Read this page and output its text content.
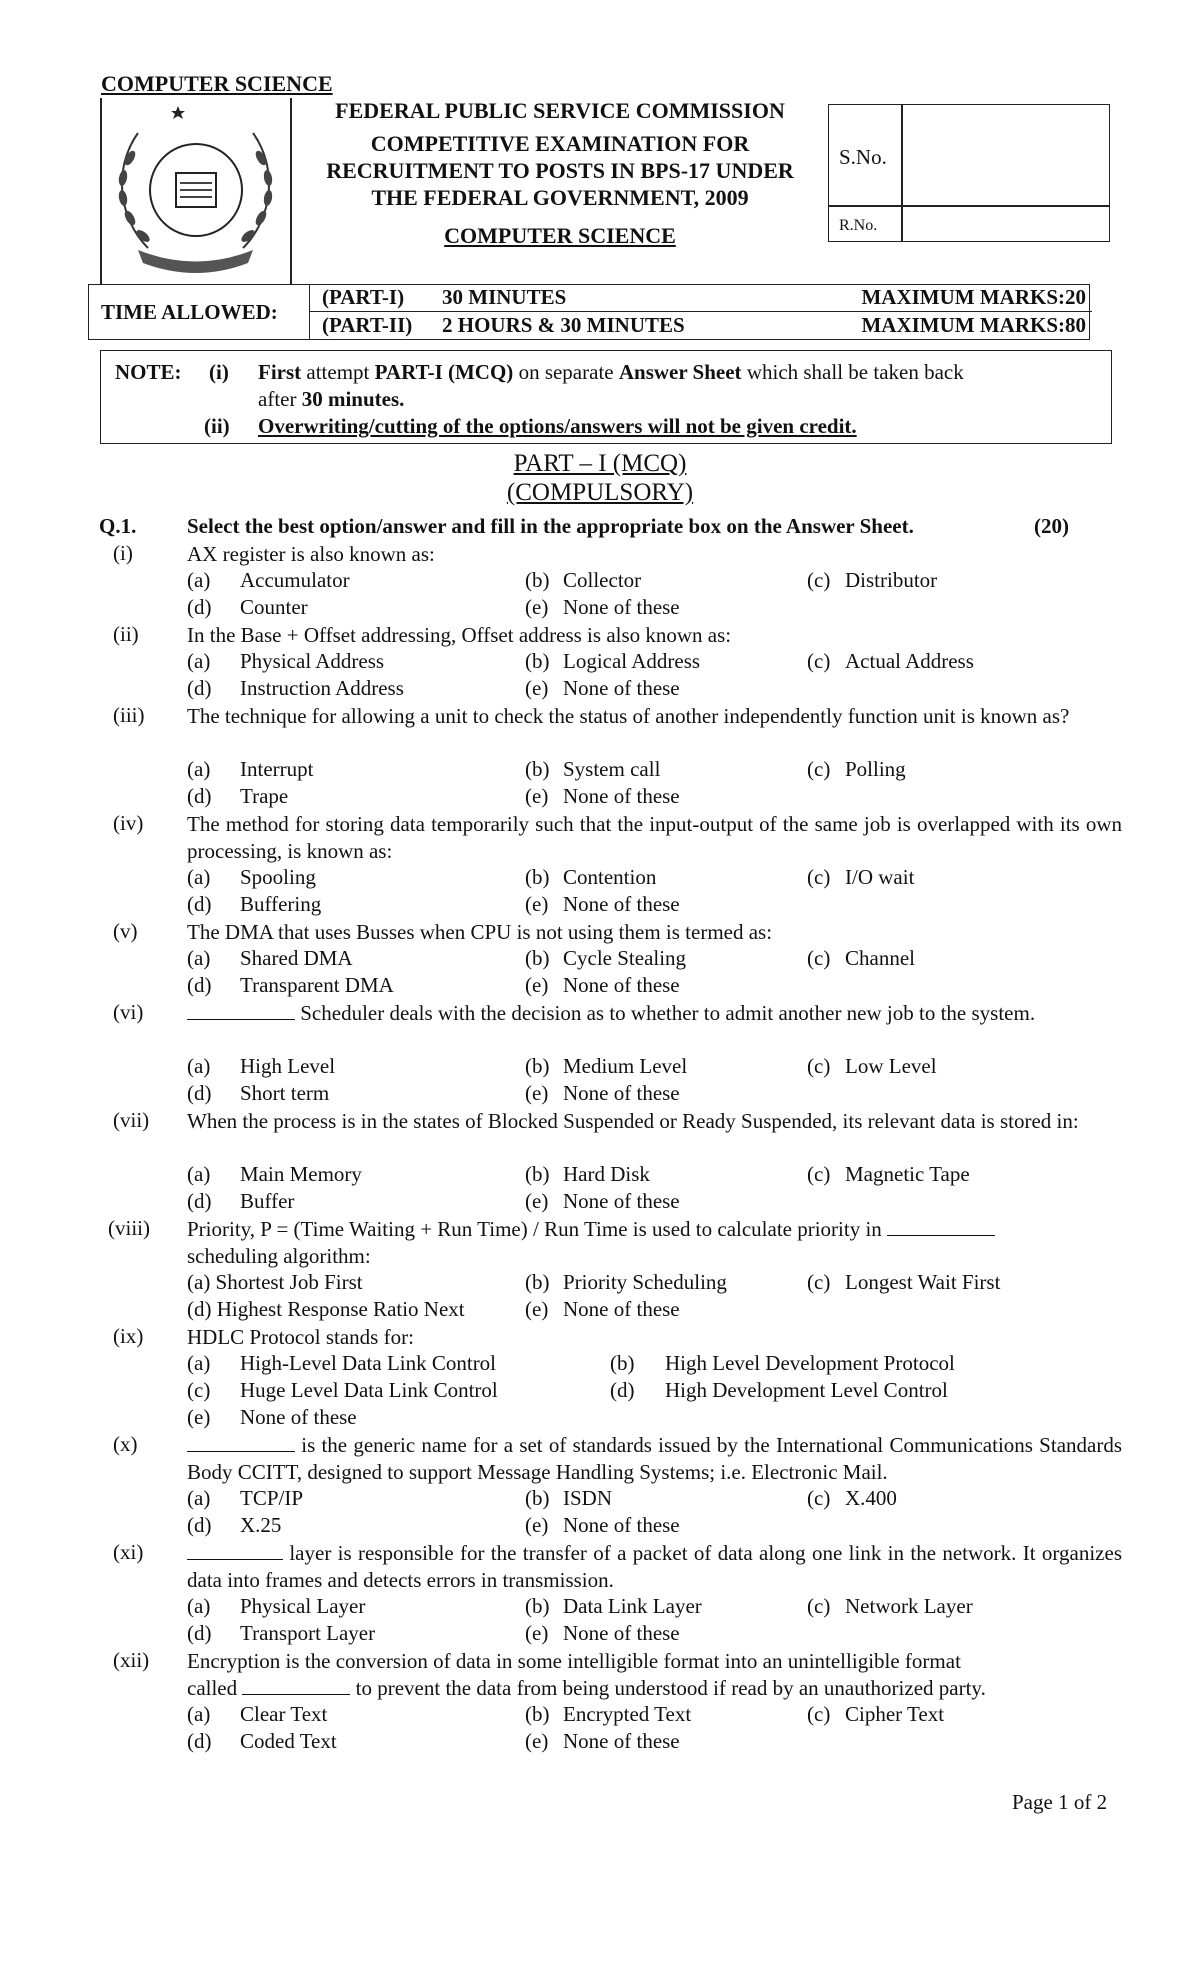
COMPUTER SCIENCE
FEDERAL PUBLIC SERVICE COMMISSION
COMPETITIVE EXAMINATION FOR
RECRUITMENT TO POSTS IN BPS-17 UNDER
THE FEDERAL GOVERNMENT, 2009
COMPUTER SCIENCE
S.No.
R.No.
TIME ALLOWED:
(PART-I) 30 MINUTES	MAXIMUM MARKS:20
(PART-II) 2 HOURS & 30 MINUTES	MAXIMUM MARKS:80
NOTE: (i) First attempt PART-I (MCQ) on separate Answer Sheet which shall be taken back
after 30 minutes.
(ii) Overwriting/cutting of the options/answers will not be given credit.
PART – I (MCQ)
(COMPULSORY)
Q.1. Select the best option/answer and fill in the appropriate box on the Answer Sheet.	(20)
(i)	AX register is also known as:
(a) Accumulator	(b) Collector	(c) Distributor
(d) Counter	(e) None of these
(ii) In the Base + Offset addressing, Offset address is also known as:
(a) Physical Address	(b) Logical Address	(c) Actual Address
(d) Instruction Address	(e) None of these
(iii) The technique for allowing a unit to check the status of another independently function unit is known as?
(a) Interrupt	(b) System call	(c) Polling
(d) Trape	(e) None of these
(iv) The method for storing data temporarily such that the input-output of the same job is overlapped with its own processing, is known as:
(a) Spooling	(b) Contention	(c) I/O wait
(d) Buffering	(e) None of these
(v) The DMA that uses Busses when CPU is not using them is termed as:
(a) Shared DMA	(b) Cycle Stealing	(c) Channel
(d) Transparent DMA	(e) None of these
(vi)	Scheduler deals with the decision as to whether to admit another new job to the system.
(a) High Level	(b) Medium Level	(c) Low Level
(d) Short term	(e) None of these
(vii) When the process is in the states of Blocked Suspended or Ready Suspended, its relevant data is stored in:
(a) Main Memory	(b) Hard Disk	(c) Magnetic Tape
(d) Buffer	(e) None of these
(viii) Priority, P = (Time Waiting + Run Time) / Run Time is used to calculate priority in
scheduling algorithm:
(a) Shortest Job First	(b) Priority Scheduling	(c) Longest Wait First
(d) Highest Response Ratio Next	(e) None of these
(ix) HDLC Protocol stands for:
(a) High-Level Data Link Control	(b) High Level Development Protocol
(c) Huge Level Data Link Control	(d) High Development Level Control
(e) None of these
(x)	is the generic name for a set of standards issued by the International Communications Standards Body CCITT, designed to support Message Handling Systems; i.e. Electronic Mail.
(a) TCP/IP	(b) ISDN	(c) X.400
(d) X.25	(e) None of these
(xi)	layer is responsible for the transfer of a packet of data along one link in the network. It organizes data into frames and detects errors in transmission.
(a) Physical Layer	(b) Data Link Layer	(c) Network Layer
(d) Transport Layer	(e) None of these
(xii) Encryption is the conversion of data in some intelligible format into an unintelligible format
called	to prevent the data from being understood if read by an unauthorized party.
(a) Clear Text	(b) Encrypted Text	(c) Cipher Text
(d) Coded Text	(e) None of these
Page 1 of 2
